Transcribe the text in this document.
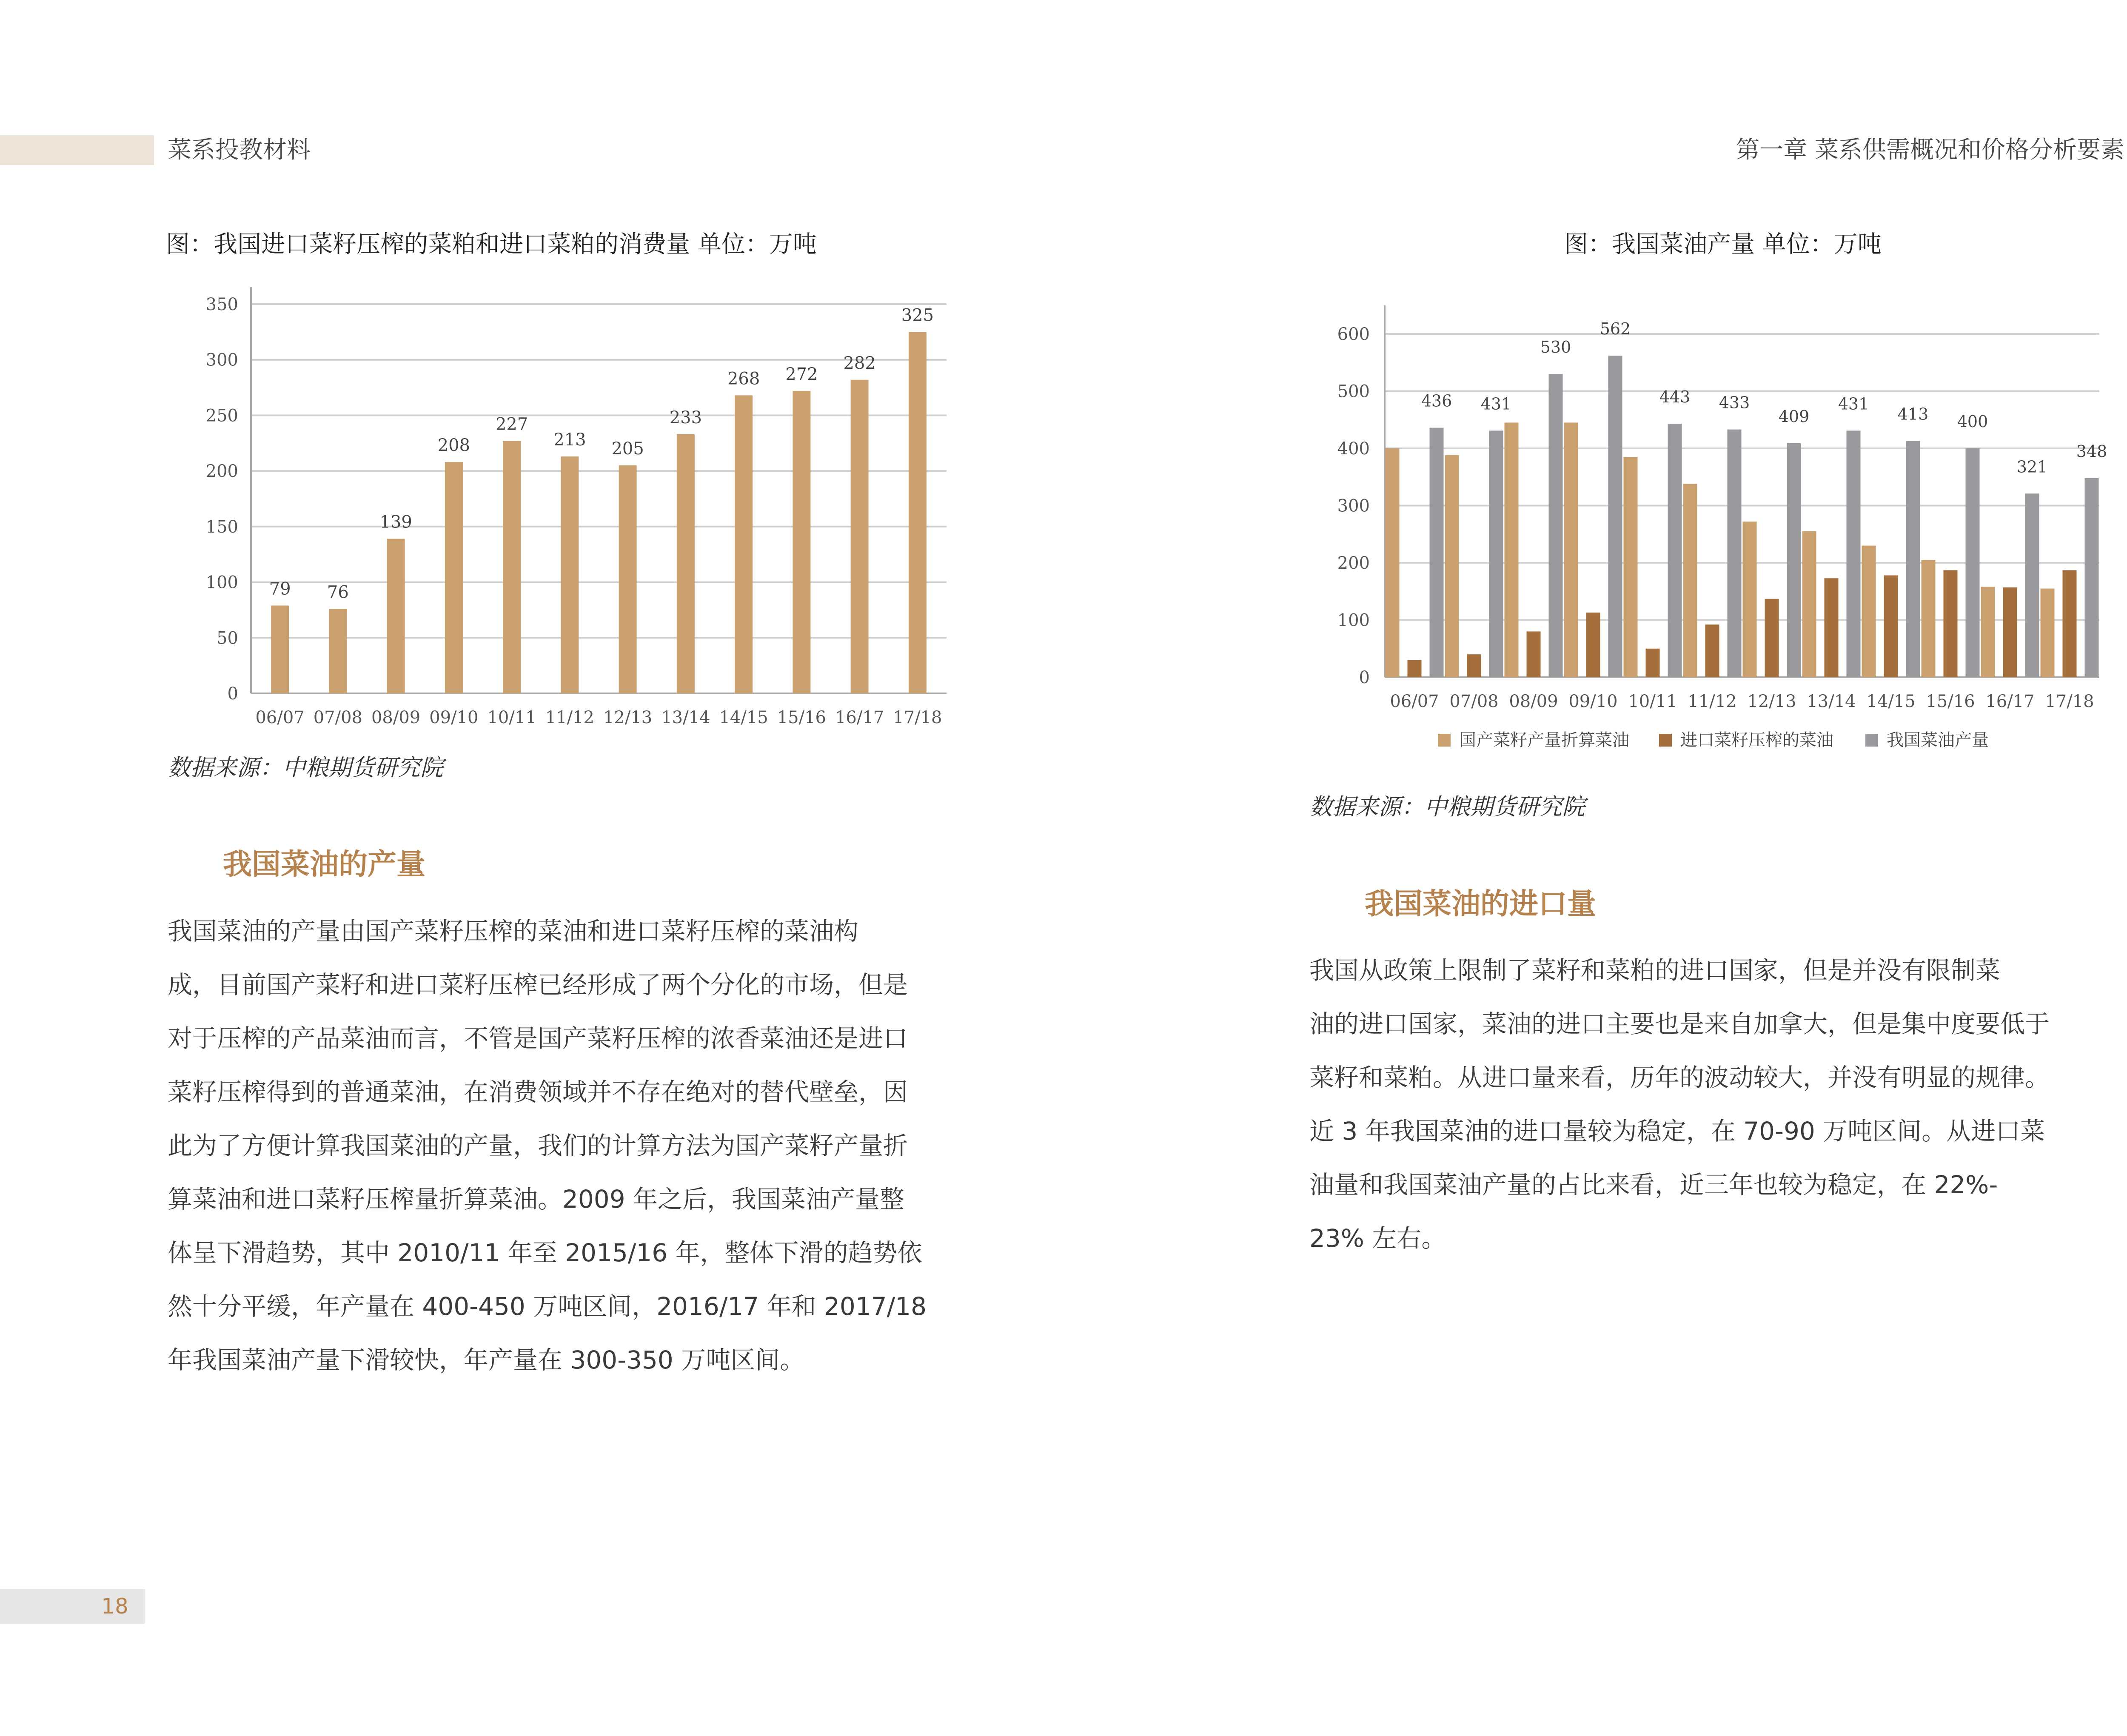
菜系投教材料	第一章 菜系供需概况和价格分析要素
图：我国进口菜籽压榨的菜粕和进口菜粕的消费量 单位：万吨
0
50
100
150
200
250
300
350
79
06/07
76
07/08
139
08/09
208
09/10
227
10/11
213
11/12
205
12/13
233
13/14
268
14/15
272
15/16
282
16/17
325
17/18
数据来源：中粮期货研究院
我国菜油的产量
我国菜油的产量由国产菜籽压榨的菜油和进口菜籽压榨的菜油构
成，目前国产菜籽和进口菜籽压榨已经形成了两个分化的市场，但是
对于压榨的产品菜油而言，不管是国产菜籽压榨的浓香菜油还是进口
菜籽压榨得到的普通菜油，在消费领域并不存在绝对的替代壁垒，因
此为了方便计算我国菜油的产量，我们的计算方法为国产菜籽产量折
算菜油和进口菜籽压榨量折算菜油。2009 年之后，我国菜油产量整
体呈下滑趋势，其中 2010/11 年至 2015/16 年，整体下滑的趋势依
然十分平缓，年产量在 400-450 万吨区间，2016/17 年和 2017/18
年我国菜油产量下滑较快，年产量在 300-350 万吨区间。
图：我国菜油产量 单位：万吨
0
100
200
300
400
500
600
436
06/07
431
07/08
530
08/09
562
09/10
443
10/11
433
11/12
409
12/13
431
13/14
413
14/15
400
15/16
321
16/17
348
17/18
国产菜籽产量折算菜油	进口菜籽压榨的菜油	我国菜油产量
数据来源：中粮期货研究院
我国菜油的进口量
我国从政策上限制了菜籽和菜粕的进口国家，但是并没有限制菜
油的进口国家，菜油的进口主要也是来自加拿大，但是集中度要低于
菜籽和菜粕。从进口量来看，历年的波动较大，并没有明显的规律。
近 3 年我国菜油的进口量较为稳定，在 70-90 万吨区间。从进口菜
油量和我国菜油产量的占比来看，近三年也较为稳定，在 22%-
23% 左右。
18
